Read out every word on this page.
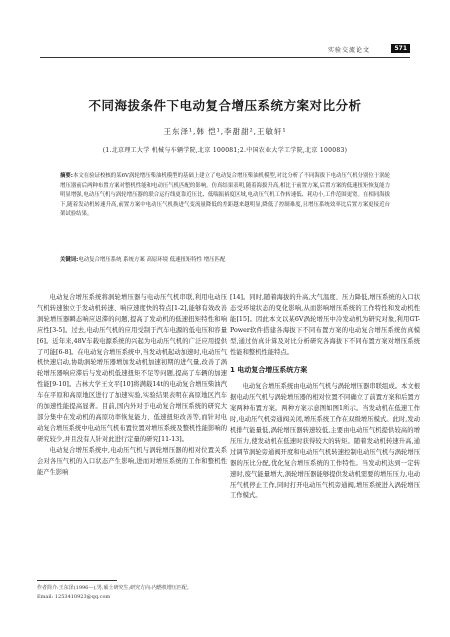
实验交流论文	571
不同海拔条件下电动复合增压系统方案对比分析
王东泽¹,韩 恺¹,李甜甜²,王敏轩¹
(1.北京理工大学 机械与车辆学院,北京 100081;2.中国农业大学工学院,北京 100083)
摘要:本文在验证校核的某6V涡轮增压柴油机模型的基础上建立了电动复合增压柴油机模型,对比分析了不同海拔下电动压气机分别位于涡轮增压器前后两种布置方案对整机性能和电动压气机匹配的影响。仿真结果表明,随着海拔升高,相比于前置方案,后置方案的低速扭矩恢复能力明显增强,电动压气机与涡轮增压器的联合运行线更靠近压比、低喘振裕度区域,电动压气机工作转速低、耗功小,工作范围更宽。在相同海拔下,随着发动机转速升高,前置方案中电动压气机换进气变流量降低的差距越来越明显,降低了控制难度,且增压系统效率比后置方案更接近台架试验结果。
关键词:电动复合增压系统 系统方案 高原环境 低速扭矩特性 增压匹配

电动复合增压系统将涡轮增压器与电动压气机串联,利用电动压气机转速独立于发动机转速、响应速度快的特点[1-2],能够有效改善涡轮增压器瞬态响应迟滞的问题,提高了发动机的低速扭矩特性和响应性[3-5]。过去,电动压气机的应用受制于汽车电源的低电压和容量[6]。近年来,48V车载电源系统的兴起为电动压气机的广泛应用提供了可能[6-8]。在电动复合增压系统中,当发动机起动加速时,电动压气机快速启动,协助涡轮增压器增加发动机加速初期的进气量,改善了涡轮增压器响应滞后与发动机低速扭矩不足等问题,提高了车辆的加速性能[9-10]。吉林大学王文平[10]将满载14t的电动复合增压柴油汽车在平原和高原地区进行了加速实验,实验结果表明在高原地区汽车的加速性能提高显著。目前,国内外对于电动复合增压系统的研究大部分集中在发动机的高原功率恢复能力、低速扭矩改善等,而针对电动复合增压系统中电动压气机布置位置对增压系统及整机性能影响的研究较少,并且没有人针对此进行定量的研究[11-13]。

电动复合增压系统中,电动压气机与涡轮增压器的相对位置关系会对各压气机的入口状态产生影响,进而对增压系统的工作和整机性能产生影响

[14]。同时,随着海拔的升高,大气温度、压力降低,增压系统的入口状态受环境状态的变化影响,从而影响增压系统的工作特性和发动机性能[15]。因此本文以某6V涡轮增压中冷发动机为研究对象,利用GT-Power软件搭建各海拔下不同布置方案的电动复合增压系统仿真模型,通过仿真计算及对比分析研究各海拔下不同布置方案对增压系统性能和整机性能特点。

1 电动复合增压系统方案

电动复合增压系统由电动压气机与涡轮增压器串联组成。本文根据电动压气机与涡轮增压器的相对位置不同确立了前置方案和后置方案两种布置方案。两种方案示意图如图1所示。当发动机在低速工作时,电动压气机旁通阀关闭,增压系统工作在双级增压模式。此时,发动机排气能量低,涡轮增压器转速较低,主要由电动压气机提供较高的增压压力,使发动机在低速时获得较大的转矩。随着发动机转速升高,通过调节涡轮旁通阀开度和电动压气机转速控制电动压气机与涡轮增压器的压比分配,优化复合增压系统的工作特性。当发动机达到一定转速时,废气能量增大,涡轮增压器能够提供发动机需要的增压压力,电动压气机停止工作,同时打开电动压气机旁通阀,增压系统进入涡轮增压工作模式。

作者简介:王东泽(1996—),男,硕士研究生;研究方向:内燃机增压匹配。
Email: 1253410923@qq.com
